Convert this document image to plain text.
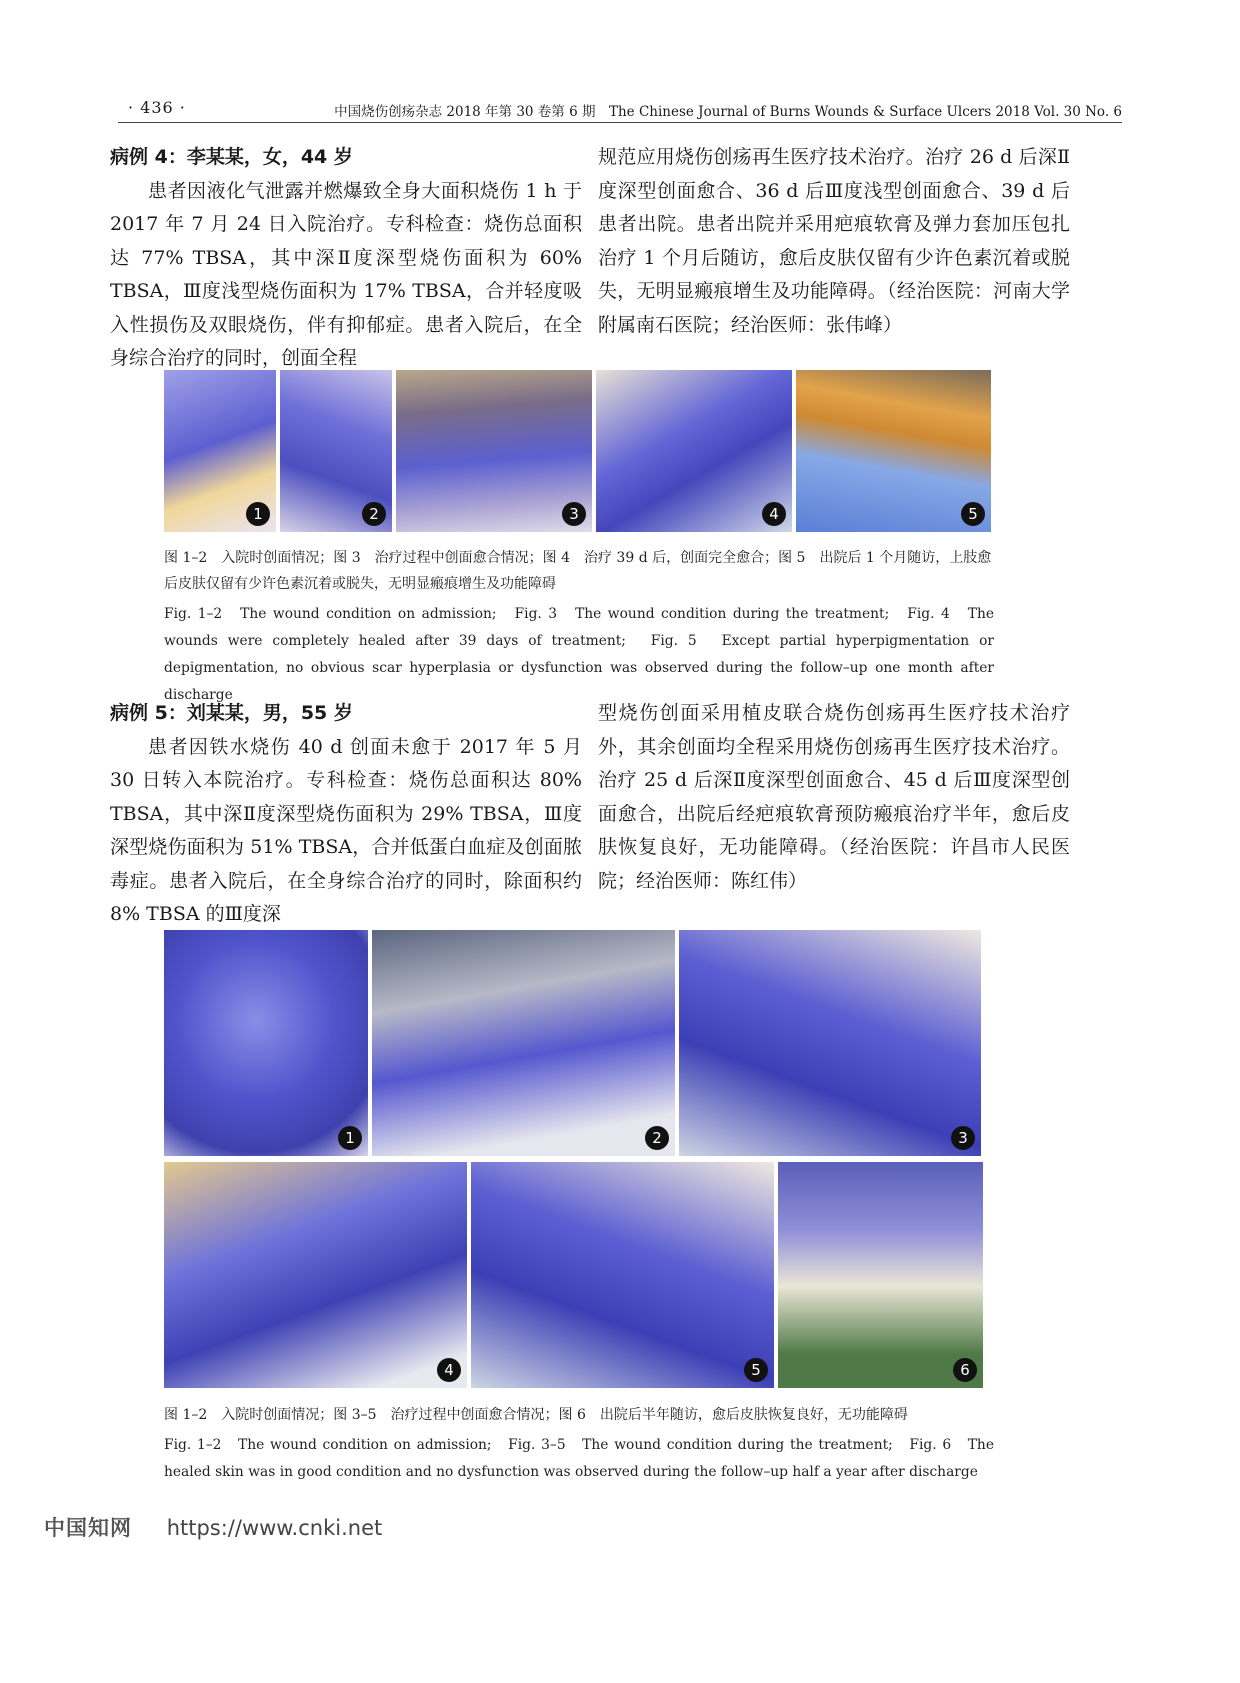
· 436 ·	中国烧伤创疡杂志 2018 年第 30 卷第 6 期　The Chinese Journal of Burns Wounds & Surface Ulcers 2018 Vol. 30 No. 6
病例 4：李某某，女，44 岁

患者因液化气泄露并燃爆致全身大面积烧伤 1 h 于 2017 年 7 月 24 日入院治疗。专科检查：烧伤总面积达 77% TBSA，其中深Ⅱ度深型烧伤面积为 60% TBSA，Ⅲ度浅型烧伤面积为 17% TBSA，合并轻度吸入性损伤及双眼烧伤，伴有抑郁症。患者入院后，在全身综合治疗的同时，创面全程

规范应用烧伤创疡再生医疗技术治疗。治疗 26 d 后深Ⅱ度深型创面愈合、36 d 后Ⅲ度浅型创面愈合、39 d 后患者出院。患者出院并采用疤痕软膏及弹力套加压包扎治疗 1 个月后随访，愈后皮肤仅留有少许色素沉着或脱失，无明显瘢痕增生及功能障碍。（经治医院：河南大学附属南石医院；经治医师：张伟峰）

1	2	3	4	5
图 1–2　入院时创面情况；图 3　治疗过程中创面愈合情况；图 4　治疗 39 d 后，创面完全愈合；图 5　出院后 1 个月随访，上肢愈后皮肤仅留有少许色素沉着或脱失，无明显瘢痕增生及功能障碍
Fig. 1–2　The wound condition on admission;　Fig. 3　The wound condition during the treatment;　Fig. 4　The wounds were completely healed after 39 days of treatment;　Fig. 5　Except partial hyperpigmentation or depigmentation, no obvious scar hyperplasia or dysfunction was observed during the follow–up one month after discharge
病例 5：刘某某，男，55 岁

患者因铁水烧伤 40 d 创面未愈于 2017 年 5 月 30 日转入本院治疗。专科检查：烧伤总面积达 80% TBSA，其中深Ⅱ度深型烧伤面积为 29% TBSA，Ⅲ度深型烧伤面积为 51% TBSA，合并低蛋白血症及创面脓毒症。患者入院后，在全身综合治疗的同时，除面积约 8% TBSA 的Ⅲ度深

型烧伤创面采用植皮联合烧伤创疡再生医疗技术治疗外，其余创面均全程采用烧伤创疡再生医疗技术治疗。治疗 25 d 后深Ⅱ度深型创面愈合、45 d 后Ⅲ度深型创面愈合，出院后经疤痕软膏预防瘢痕治疗半年，愈后皮肤恢复良好，无功能障碍。（经治医院：许昌市人民医院；经治医师：陈红伟）

1	2	3
4	5	6
图 1–2　入院时创面情况；图 3–5　治疗过程中创面愈合情况；图 6　出院后半年随访，愈后皮肤恢复良好，无功能障碍
Fig. 1–2　The wound condition on admission;　Fig. 3–5　The wound condition during the treatment;　Fig. 6　The healed skin was in good condition and no dysfunction was observed during the follow–up half a year after discharge
中国知网 https://www.cnki.net
